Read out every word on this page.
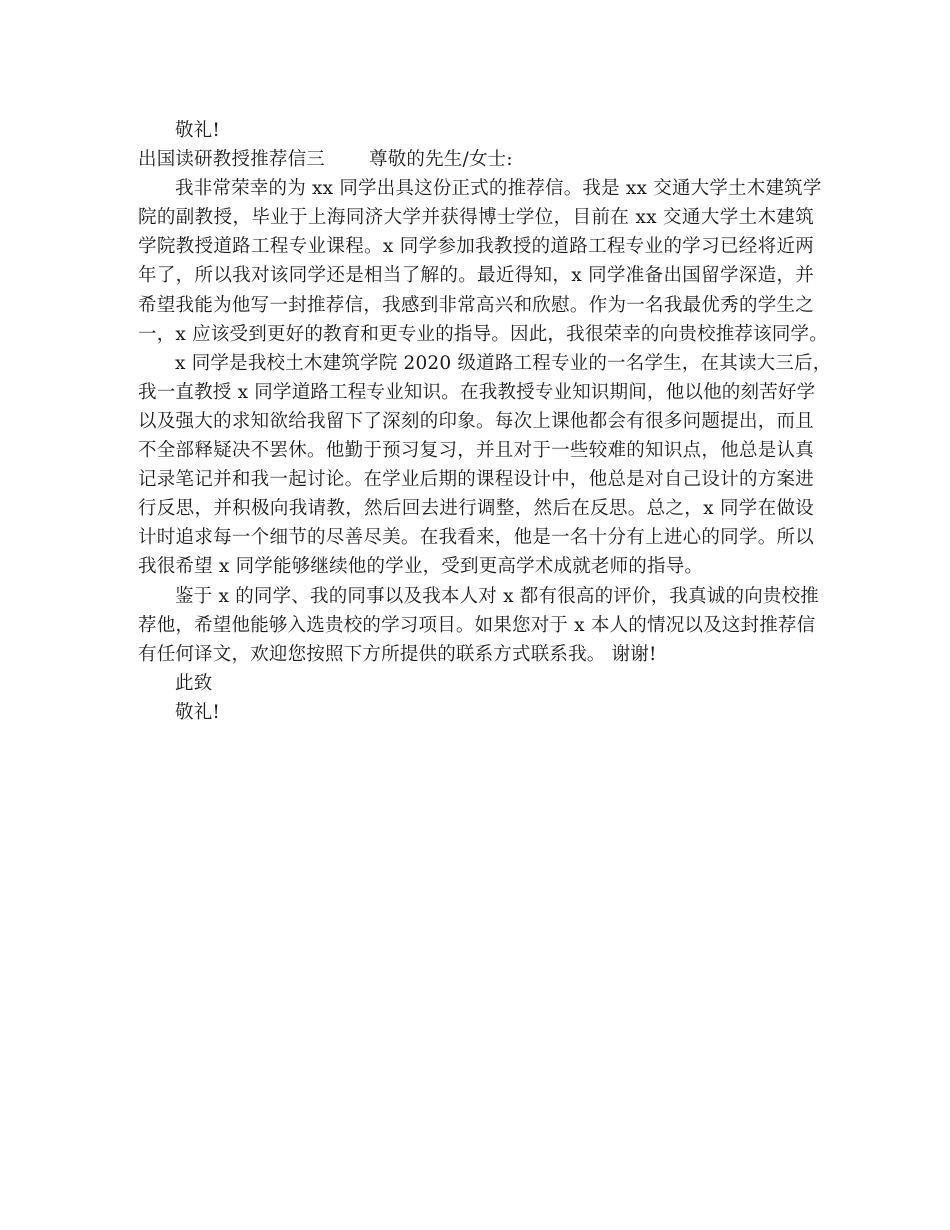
敬礼!
出国读研教授推荐信三 尊敬的先生/女士:
我非常荣幸的为 xx 同学出具这份正式的推荐信。我是 xx 交通大学土木建筑学
院的副教授，毕业于上海同济大学并获得博士学位，目前在 xx 交通大学土木建筑
学院教授道路工程专业课程。x 同学参加我教授的道路工程专业的学习已经将近两
年了，所以我对该同学还是相当了解的。最近得知，x 同学准备出国留学深造，并
希望我能为他写一封推荐信，我感到非常高兴和欣慰。作为一名我最优秀的学生之
一，x 应该受到更好的教育和更专业的指导。因此，我很荣幸的向贵校推荐该同学。
x 同学是我校土木建筑学院 2020 级道路工程专业的一名学生，在其读大三后，
我一直教授 x 同学道路工程专业知识。在我教授专业知识期间，他以他的刻苦好学
以及强大的求知欲给我留下了深刻的印象。每次上课他都会有很多问题提出，而且
不全部释疑决不罢休。他勤于预习复习，并且对于一些较难的知识点，他总是认真
记录笔记并和我一起讨论。在学业后期的课程设计中，他总是对自己设计的方案进
行反思，并积极向我请教，然后回去进行调整，然后在反思。总之，x 同学在做设
计时追求每一个细节的尽善尽美。在我看来，他是一名十分有上进心的同学。所以
我很希望 x 同学能够继续他的学业，受到更高学术成就老师的指导。
鉴于 x 的同学、我的同事以及我本人对 x 都有很高的评价，我真诚的向贵校推
荐他，希望他能够入选贵校的学习项目。如果您对于 x 本人的情况以及这封推荐信
有任何译文，欢迎您按照下方所提供的联系方式联系我。 谢谢!
此致
敬礼!
